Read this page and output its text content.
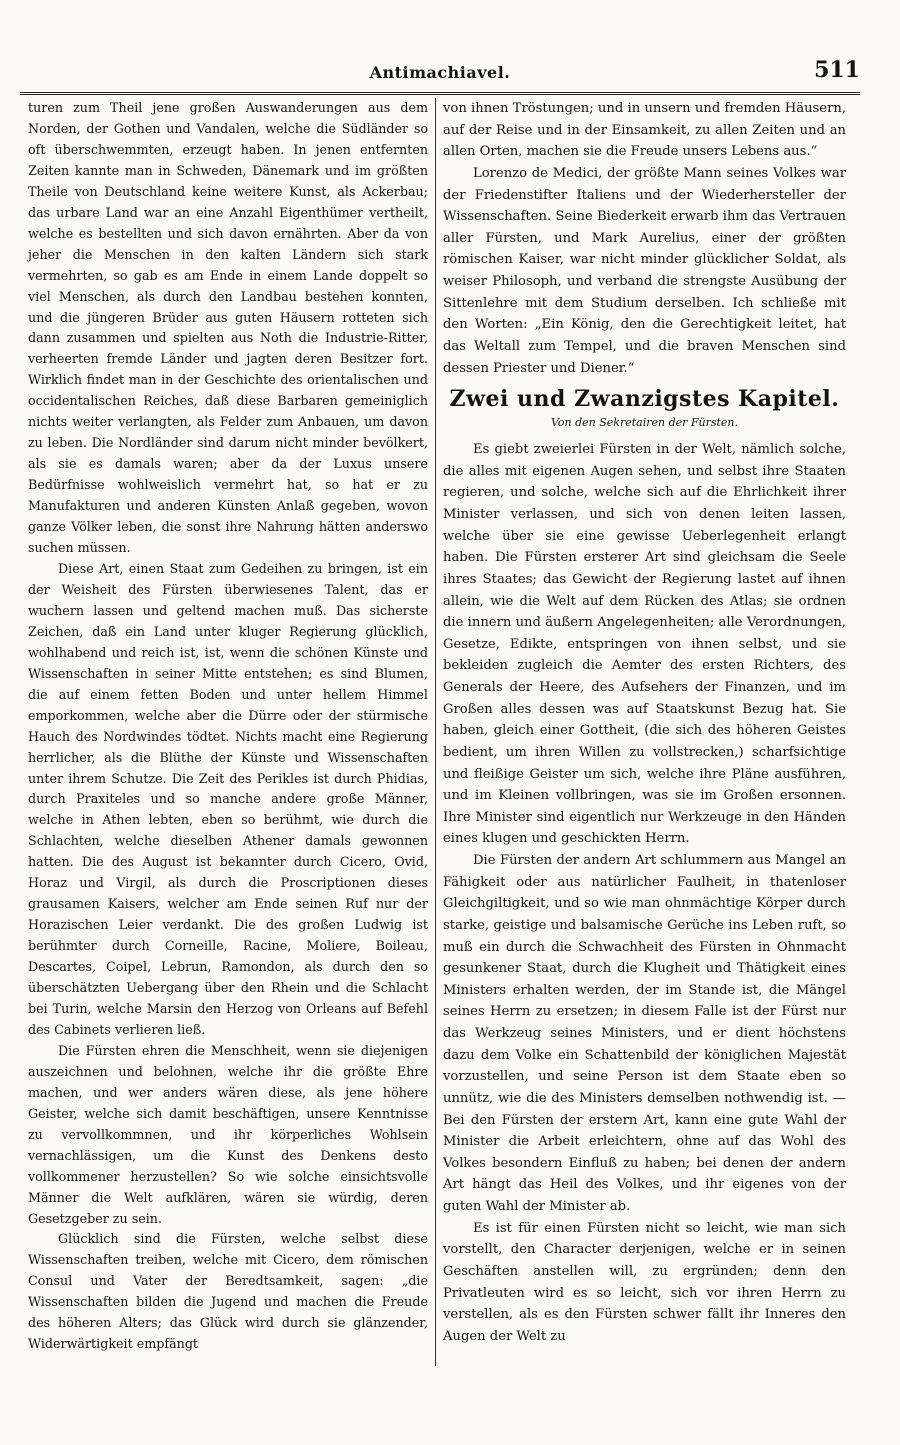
Antimachiavel.	511

turen zum Theil jene großen Auswanderungen aus dem Norden, der Gothen und Vandalen, welche die Südländer so oft überschwemmten, erzeugt haben. In jenen entfernten Zeiten kannte man in Schweden, Dänemark und im größten Theile von Deutschland keine weitere Kunst, als Ackerbau; das urbare Land war an eine Anzahl Eigenthümer vertheilt, welche es bestellten und sich davon ernährten. Aber da von jeher die Menschen in den kalten Ländern sich stark vermehrten, so gab es am Ende in einem Lande doppelt so viel Menschen, als durch den Landbau bestehen konnten, und die jüngeren Brüder aus guten Häusern rotteten sich dann zusammen und spielten aus Noth die Industrie-Ritter, verheerten fremde Länder und jagten deren Besitzer fort. Wirklich findet man in der Geschichte des orientalischen und occidentalischen Reiches, daß diese Barbaren gemeiniglich nichts weiter verlangten, als Felder zum Anbauen, um davon zu leben. Die Nordländer sind darum nicht minder bevölkert, als sie es damals waren; aber da der Luxus unsere Bedürfnisse wohlweislich vermehrt hat, so hat er zu Manufakturen und anderen Künsten Anlaß gegeben, wovon ganze Völker leben, die sonst ihre Nahrung hätten anderswo suchen müssen.

Diese Art, einen Staat zum Gedeihen zu bringen, ist ein der Weisheit des Fürsten überwiesenes Talent, das er wuchern lassen und geltend machen muß. Das sicherste Zeichen, daß ein Land unter kluger Regierung glücklich, wohlhabend und reich ist, ist, wenn die schönen Künste und Wissenschaften in seiner Mitte entstehen; es sind Blumen, die auf einem fetten Boden und unter hellem Himmel emporkommen, welche aber die Dürre oder der stürmische Hauch des Nordwindes tödtet. Nichts macht eine Regierung herrlicher, als die Blüthe der Künste und Wissenschaften unter ihrem Schutze. Die Zeit des Perikles ist durch Phidias, durch Praxiteles und so manche andere große Männer, welche in Athen lebten, eben so berühmt, wie durch die Schlachten, welche dieselben Athener damals gewonnen hatten. Die des August ist bekannter durch Cicero, Ovid, Horaz und Virgil, als durch die Proscriptionen dieses grausamen Kaisers, welcher am Ende seinen Ruf nur der Horazischen Leier verdankt. Die des großen Ludwig ist berühmter durch Corneille, Racine, Moliere, Boileau, Descartes, Coipel, Lebrun, Ramondon, als durch den so überschätzten Uebergang über den Rhein und die Schlacht bei Turin, welche Marsin den Herzog von Orleans auf Befehl des Cabinets verlieren ließ.

Die Fürsten ehren die Menschheit, wenn sie diejenigen auszeichnen und belohnen, welche ihr die größte Ehre machen, und wer anders wären diese, als jene höhere Geister, welche sich damit beschäftigen, unsere Kenntnisse zu vervollkommnen, und ihr körperliches Wohlsein vernachlässigen, um die Kunst des Denkens desto vollkommener herzustellen? So wie solche einsichtsvolle Männer die Welt aufklären, wären sie würdig, deren Gesetzgeber zu sein.

Glücklich sind die Fürsten, welche selbst diese Wissenschaften treiben, welche mit Cicero, dem römischen Consul und Vater der Beredtsamkeit, sagen: „die Wissenschaften bilden die Jugend und machen die Freude des höheren Alters; das Glück wird durch sie glänzender, Widerwärtigkeit empfängt

von ihnen Tröstungen; und in unsern und fremden Häusern, auf der Reise und in der Einsamkeit, zu allen Zeiten und an allen Orten, machen sie die Freude unsers Lebens aus.“

Lorenzo de Medici, der größte Mann seines Volkes war der Friedenstifter Italiens und der Wiederhersteller der Wissenschaften. Seine Biederkeit erwarb ihm das Vertrauen aller Fürsten, und Mark Aurelius, einer der größten römischen Kaiser, war nicht minder glücklicher Soldat, als weiser Philosoph, und verband die strengste Ausübung der Sittenlehre mit dem Studium derselben. Ich schließe mit den Worten: „Ein König, den die Gerechtigkeit leitet, hat das Weltall zum Tempel, und die braven Menschen sind dessen Priester und Diener.“

Zwei und Zwanzigstes Kapitel.
Von den Sekretairen der Fürsten.

Es giebt zweierlei Fürsten in der Welt, nämlich solche, die alles mit eigenen Augen sehen, und selbst ihre Staaten regieren, und solche, welche sich auf die Ehrlichkeit ihrer Minister verlassen, und sich von denen leiten lassen, welche über sie eine gewisse Ueberlegenheit erlangt haben. Die Fürsten ersterer Art sind gleichsam die Seele ihres Staates; das Gewicht der Regierung lastet auf ihnen allein, wie die Welt auf dem Rücken des Atlas; sie ordnen die innern und äußern Angelegenheiten; alle Verordnungen, Gesetze, Edikte, entspringen von ihnen selbst, und sie bekleiden zugleich die Aemter des ersten Richters, des Generals der Heere, des Aufsehers der Finanzen, und im Großen alles dessen was auf Staatskunst Bezug hat. Sie haben, gleich einer Gottheit, (die sich des höheren Geistes bedient, um ihren Willen zu vollstrecken,) scharfsichtige und fleißige Geister um sich, welche ihre Pläne ausführen, und im Kleinen vollbringen, was sie im Großen ersonnen. Ihre Minister sind eigentlich nur Werkzeuge in den Händen eines klugen und geschickten Herrn.

Die Fürsten der andern Art schlummern aus Mangel an Fähigkeit oder aus natürlicher Faulheit, in thatenloser Gleichgiltigkeit, und so wie man ohnmächtige Körper durch starke, geistige und balsamische Gerüche ins Leben ruft, so muß ein durch die Schwachheit des Fürsten in Ohnmacht gesunkener Staat, durch die Klugheit und Thätigkeit eines Ministers erhalten werden, der im Stande ist, die Mängel seines Herrn zu ersetzen; in diesem Falle ist der Fürst nur das Werkzeug seines Ministers, und er dient höchstens dazu dem Volke ein Schattenbild der königlichen Majestät vorzustellen, und seine Person ist dem Staate eben so unnütz, wie die des Ministers demselben nothwendig ist. — Bei den Fürsten der erstern Art, kann eine gute Wahl der Minister die Arbeit erleichtern, ohne auf das Wohl des Volkes besondern Einfluß zu haben; bei denen der andern Art hängt das Heil des Volkes, und ihr eigenes von der guten Wahl der Minister ab.

Es ist für einen Fürsten nicht so leicht, wie man sich vorstellt, den Character derjenigen, welche er in seinen Geschäften anstellen will, zu ergründen; denn den Privatleuten wird es so leicht, sich vor ihren Herrn zu verstellen, als es den Fürsten schwer fällt ihr Inneres den Augen der Welt zu
